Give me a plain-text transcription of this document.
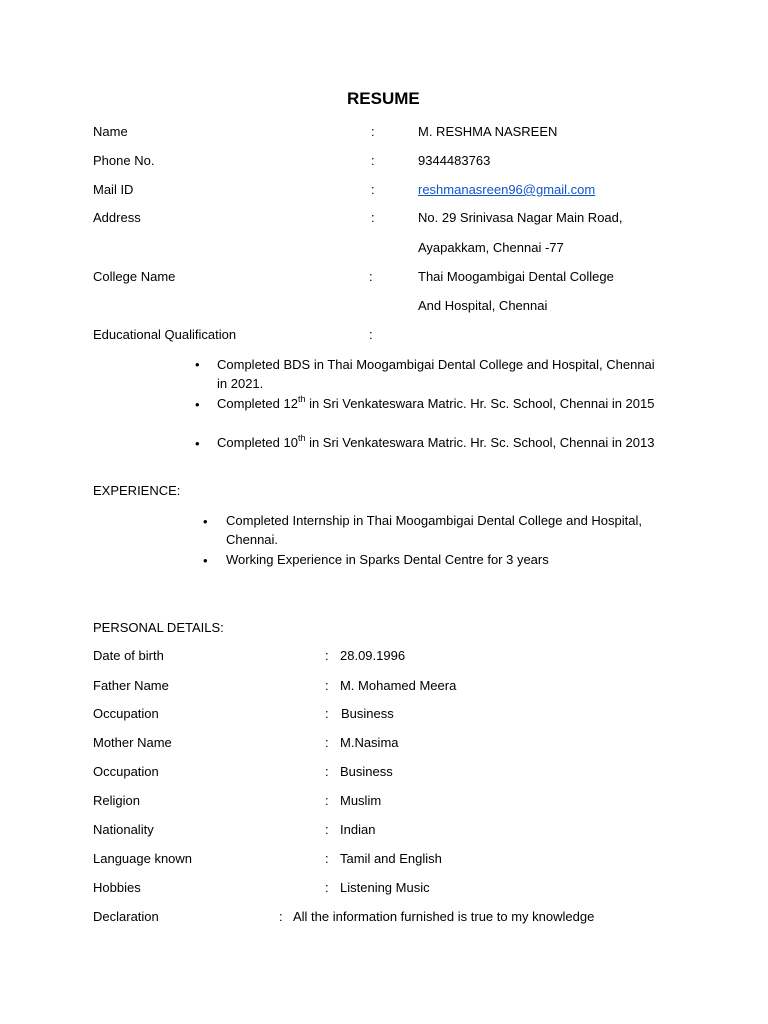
RESUME
Name	:	M. RESHMA NASREEN
Phone No.	:	9344483763
Mail ID	:	reshmanasreen96@gmail.com
Address	:	No. 29 Srinivasa Nagar Main Road,
Ayapakkam, Chennai -77
College Name	:	Thai Moogambigai Dental College
And Hospital, Chennai
Educational Qualification	:
• Completed BDS in Thai Moogambigai Dental College and Hospital, Chennai in 2021.
• Completed 12th in Sri Venkateswara Matric. Hr. Sc. School, Chennai in 2015
• Completed 10th in Sri Venkateswara Matric. Hr. Sc. School, Chennai in 2013
EXPERIENCE:
• Completed Internship in Thai Moogambigai Dental College and Hospital, Chennai.
• Working Experience in Sparks Dental Centre for 3 years
PERSONAL DETAILS:
Date of birth	: 28.09.1996
Father Name	: M. Mohamed Meera
Occupation	: Business
Mother Name	: M.Nasima
Occupation	: Business
Religion	: Muslim
Nationality	: Indian
Language known	: Tamil and English
Hobbies	: Listening Music
Declaration	: All the information furnished is true to my knowledge
